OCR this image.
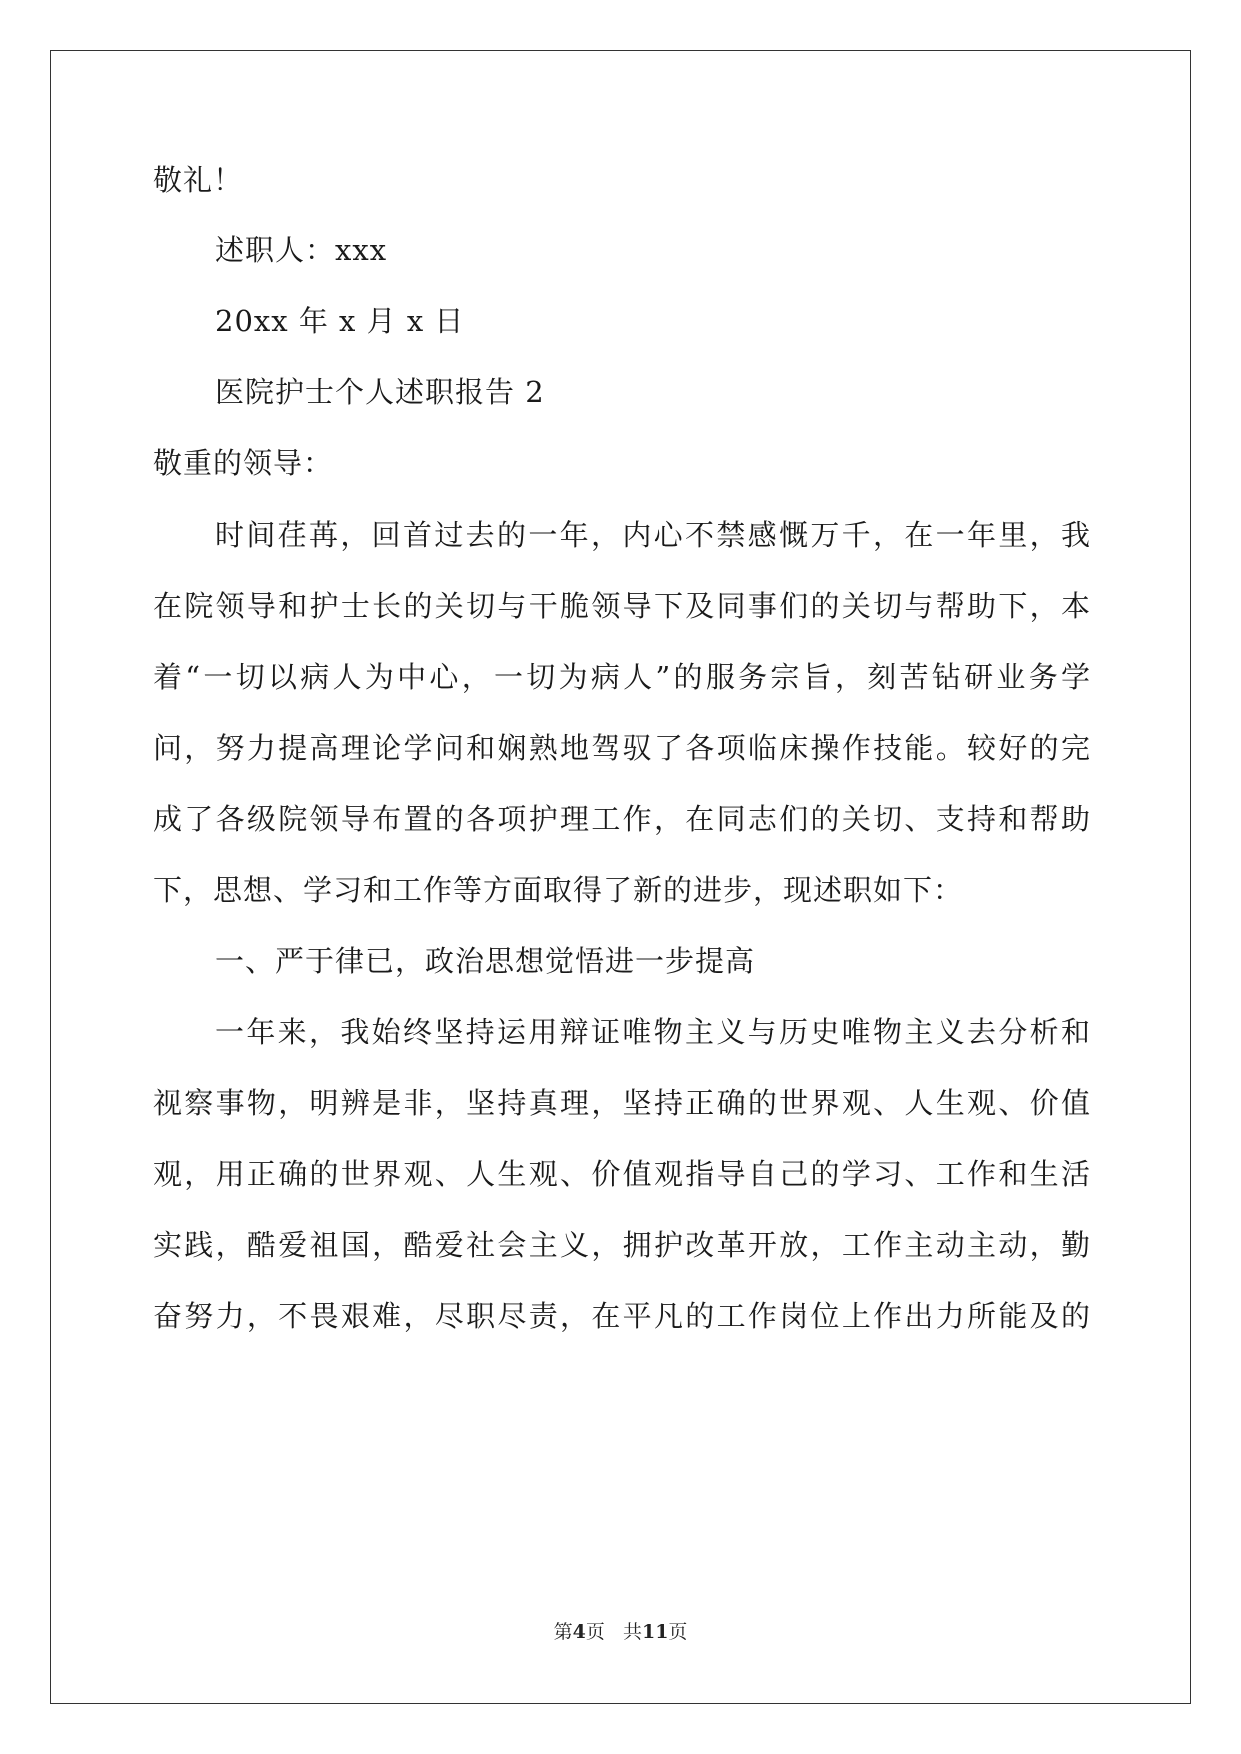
敬礼！
述职人：xxx
20xx 年 x 月 x 日
医院护士个人述职报告 2
敬重的领导：
时间荏苒，回首过去的一年，内心不禁感慨万千，在一年里，我
在院领导和护士长的关切与干脆领导下及同事们的关切与帮助下，本
着“一切以病人为中心，一切为病人”的服务宗旨，刻苦钻研业务学
问，努力提高理论学问和娴熟地驾驭了各项临床操作技能。较好的完
成了各级院领导布置的各项护理工作，在同志们的关切、支持和帮助
下，思想、学习和工作等方面取得了新的进步，现述职如下：
一、严于律已，政治思想觉悟进一步提高
一年来，我始终坚持运用辩证唯物主义与历史唯物主义去分析和
视察事物，明辨是非，坚持真理，坚持正确的世界观、人生观、价值
观，用正确的世界观、人生观、价值观指导自己的学习、工作和生活
实践，酷爱祖国，酷爱社会主义，拥护改革开放，工作主动主动，勤
奋努力，不畏艰难，尽职尽责，在平凡的工作岗位上作出力所能及的
第4页 共11页
